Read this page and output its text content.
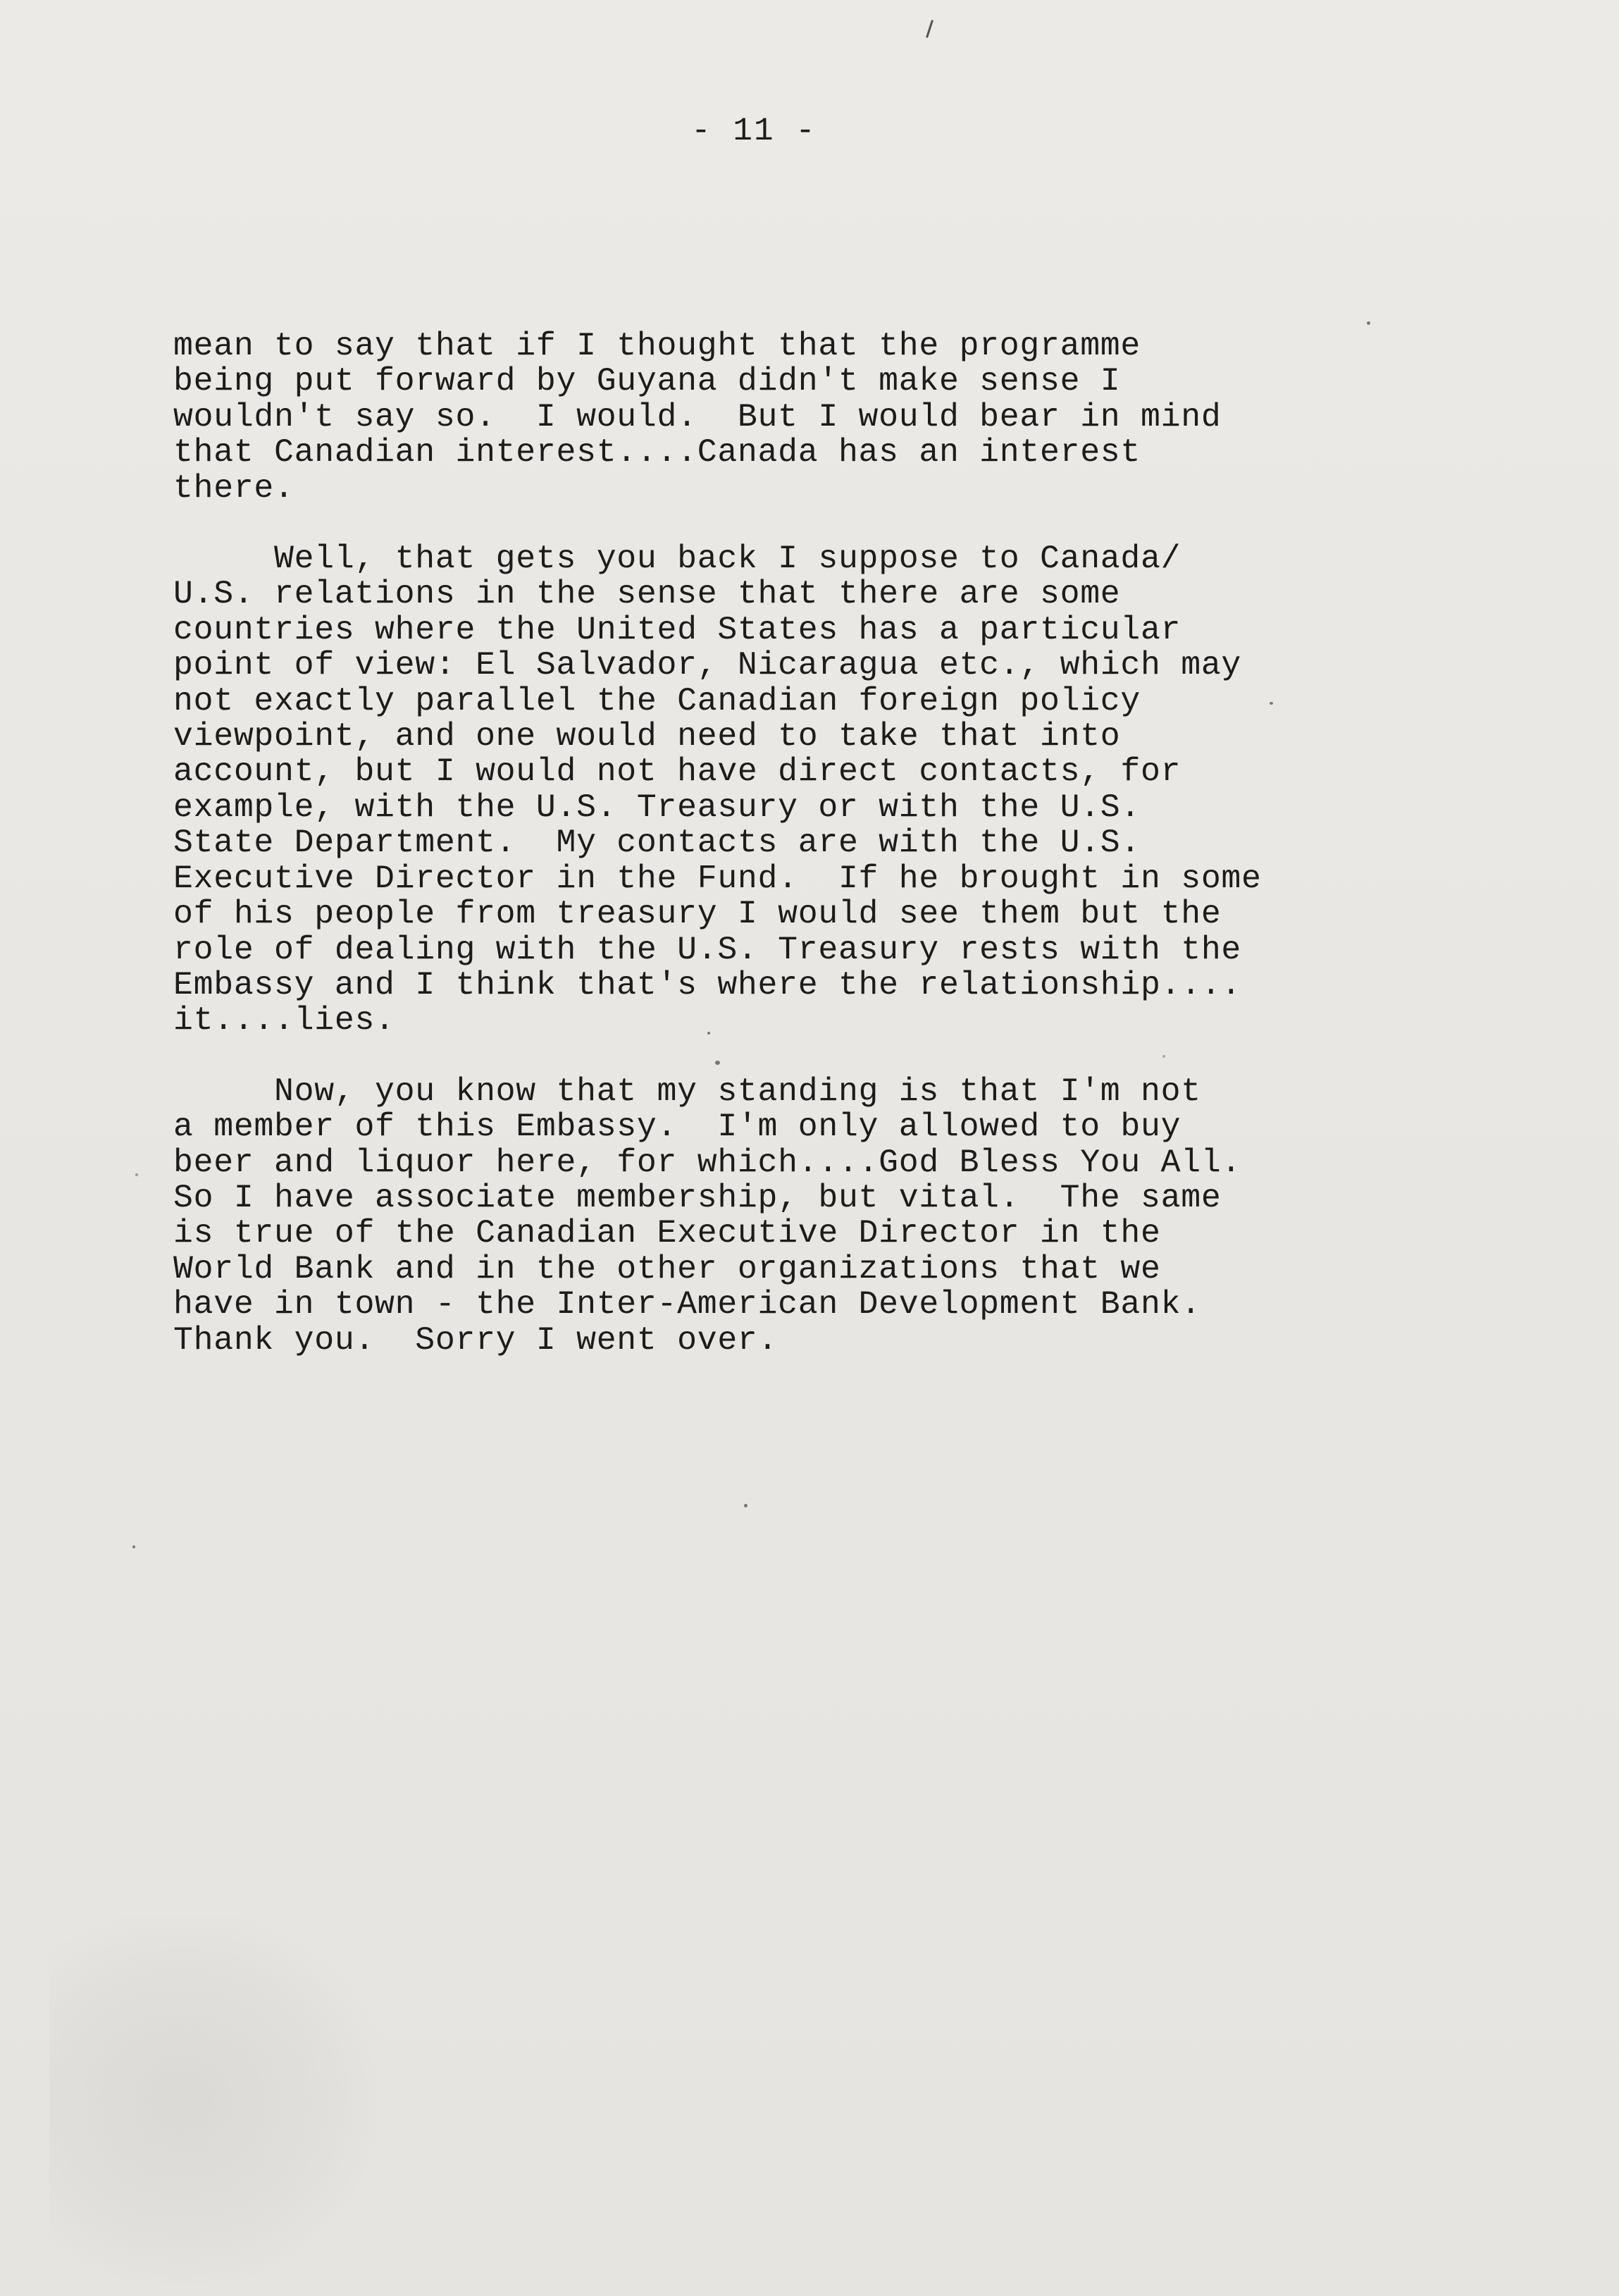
- 11 -

mean to say that if I thought that the programme
being put forward by Guyana didn't make sense I
wouldn't say so.  I would.  But I would bear in mind
that Canadian interest....Canada has an interest
there.

Well, that gets you back I suppose to Canada/
U.S. relations in the sense that there are some
countries where the United States has a particular
point of view: El Salvador, Nicaragua etc., which may
not exactly parallel the Canadian foreign policy
viewpoint, and one would need to take that into
account, but I would not have direct contacts, for
example, with the U.S. Treasury or with the U.S.
State Department.  My contacts are with the U.S.
Executive Director in the Fund.  If he brought in some
of his people from treasury I would see them but the
role of dealing with the U.S. Treasury rests with the
Embassy and I think that's where the relationship....
it....lies.

Now, you know that my standing is that I'm not
a member of this Embassy.  I'm only allowed to buy
beer and liquor here, for which....God Bless You All.
So I have associate membership, but vital.  The same
is true of the Canadian Executive Director in the
World Bank and in the other organizations that we
have in town - the Inter-American Development Bank.
Thank you.  Sorry I went over.
